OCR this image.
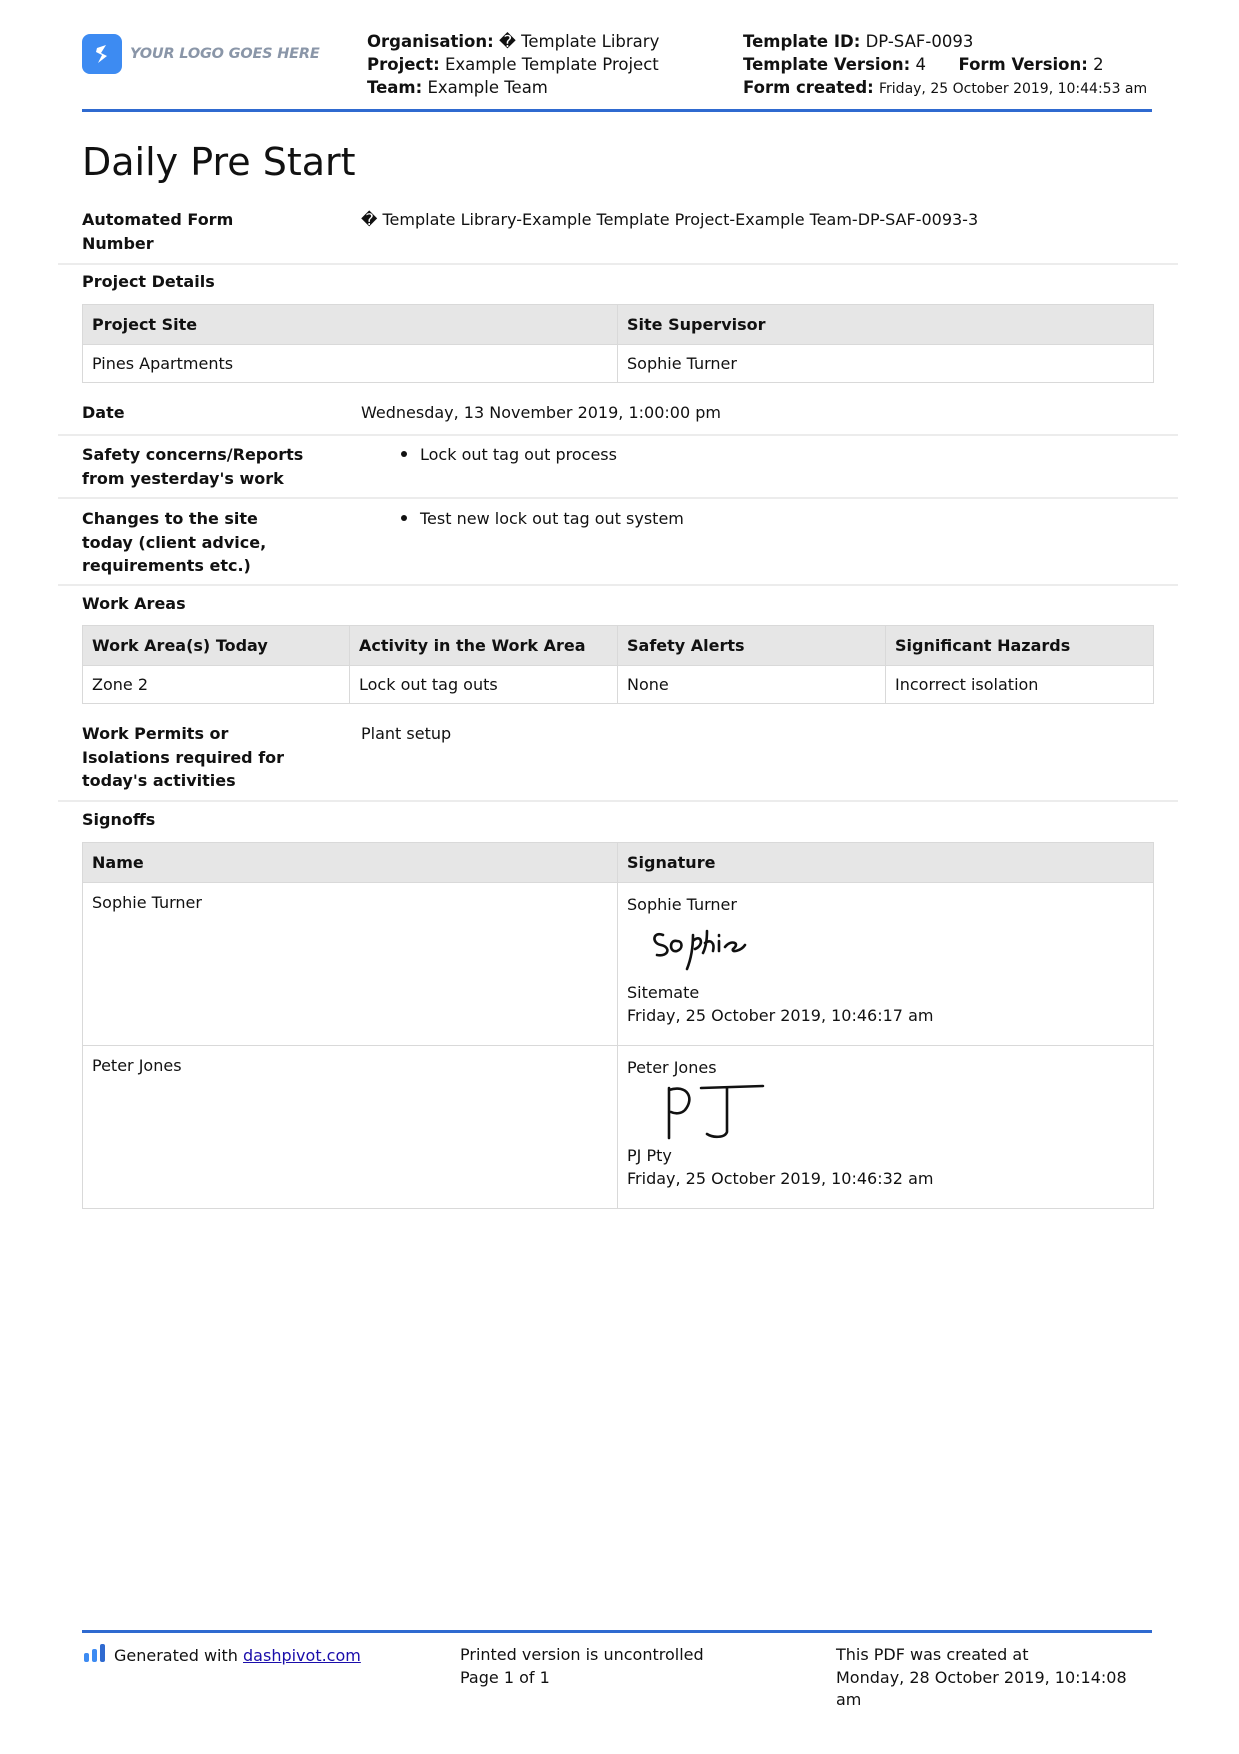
YOUR LOGO GOES HERE
Organisation: � Template Library
Project: Example Template Project
Team: Example Team
Template ID: DP-SAF-0093
Template Version: 4 Form Version: 2
Form created: Friday, 25 October 2019, 10:44:53 am
Daily Pre Start
Automated Form Number
� Template Library-Example Template Project-Example Team-DP-SAF-0093-3
Project Details
Project Site	Site Supervisor
Pines Apartments	Sophie Turner
Date	Wednesday, 13 November 2019, 1:00:00 pm
Safety concerns/Reports from yesterday's work
Lock out tag out process
Changes to the site today (client advice, requirements etc.)
Test new lock out tag out system
Work Areas
Work Area(s) Today	Activity in the Work Area	Safety Alerts	Significant Hazards
Zone 2	Lock out tag outs	None	Incorrect isolation
Work Permits or Isolations required for today's activities
Plant setup
Signoffs
Name	Signature
Sophie Turner	Sophie Turner
Sitemate
Friday, 25 October 2019, 10:46:17 am

Peter Jones	Peter Jones
PJ Pty
Friday, 25 October 2019, 10:46:32 am
Generated with
dashpivot.com	Printed version is uncontrolled
Page 1 of 1
This PDF was created at
Monday, 28 October 2019, 10:14:08
am
